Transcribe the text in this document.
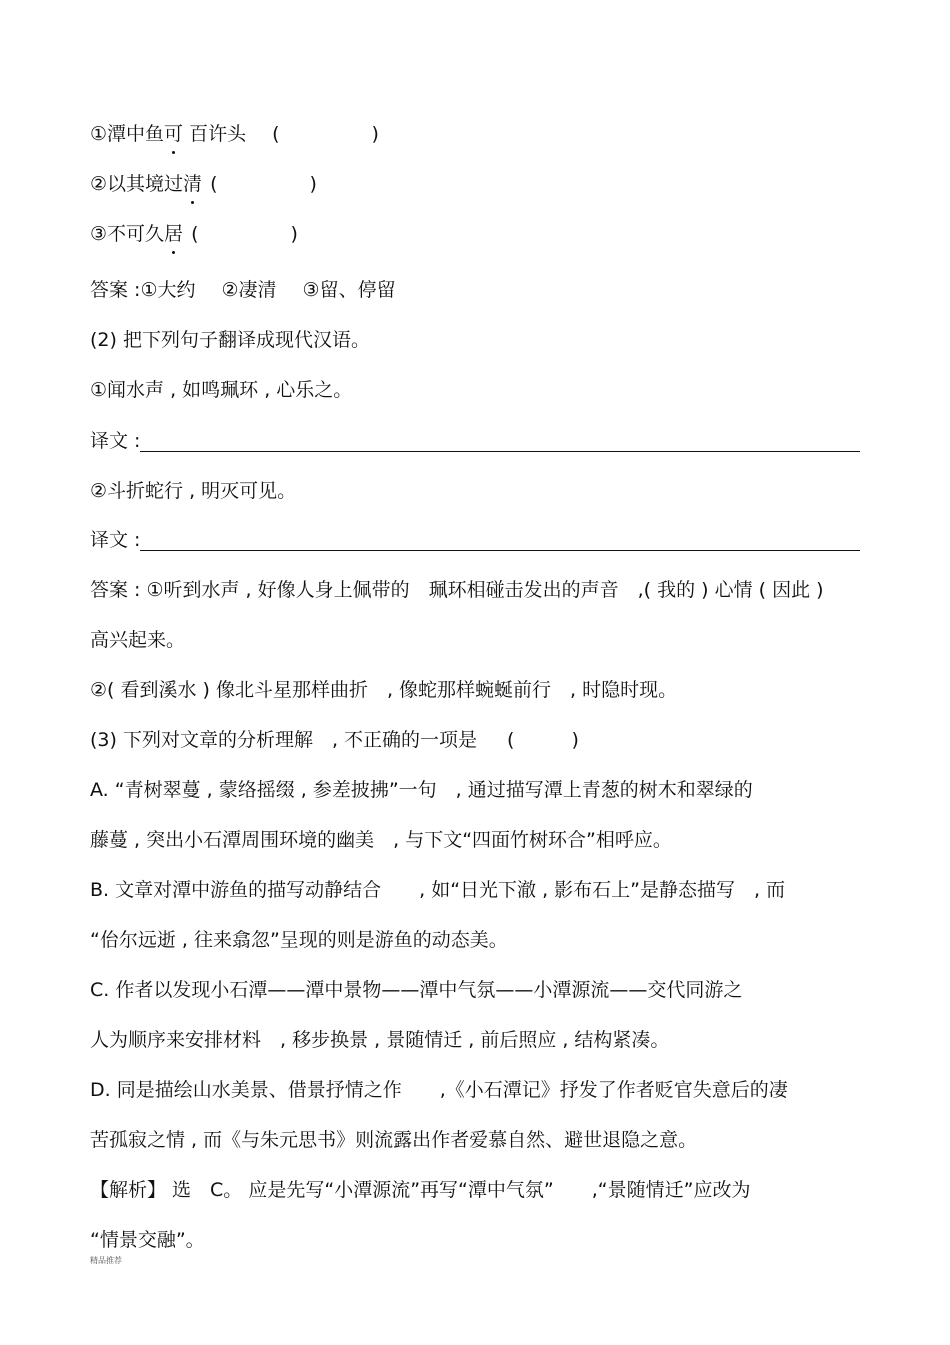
①潭中鱼可 百许头 (	)
②以其境过清 (	)
③不可久居 (	)
答案 :①大约 ②凄清 ③留、停留
(2) 把下列句子翻译成现代汉语。
①闻水声 , 如鸣珮环 , 心乐之。
译文 :
②斗折蛇行 , 明灭可见。
译文 :
答案 : ①听到水声 , 好像人身上佩带的　珮环相碰击发出的声音　,( 我的 ) 心情 ( 因此 )
高兴起来。
②( 看到溪水 ) 像北斗星那样曲折　, 像蛇那样蜿蜒前行　, 时隐时现。
(3) 下列对文章的分析理解　, 不正确的一项是 (　　　)
A. “青树翠蔓 , 蒙络摇缀 , 参差披拂”一句　, 通过描写潭上青葱的树木和翠绿的
藤蔓 , 突出小石潭周围环境的幽美　, 与下文“四面竹树环合”相呼应。
B. 文章对潭中游鱼的描写动静结合　　, 如“日光下澈 , 影布石上”是静态描写　, 而
“佁尔远逝 , 往来翕忽”呈现的则是游鱼的动态美。
C. 作者以发现小石潭——潭中景物——潭中气氛——小潭源流——交代同游之
人为顺序来安排材料　, 移步换景 , 景随情迁 , 前后照应 , 结构紧凑。
D. 同是描绘山水美景、借景抒情之作　　,《小石潭记》抒发了作者贬官失意后的凄
苦孤寂之情 , 而《与朱元思书》则流露出作者爱慕自然、避世退隐之意。
【解析】 选　C。 应是先写“小潭源流”再写“潭中气氛”　　,“景随情迁”应改为
“情景交融”。
精品推荐
